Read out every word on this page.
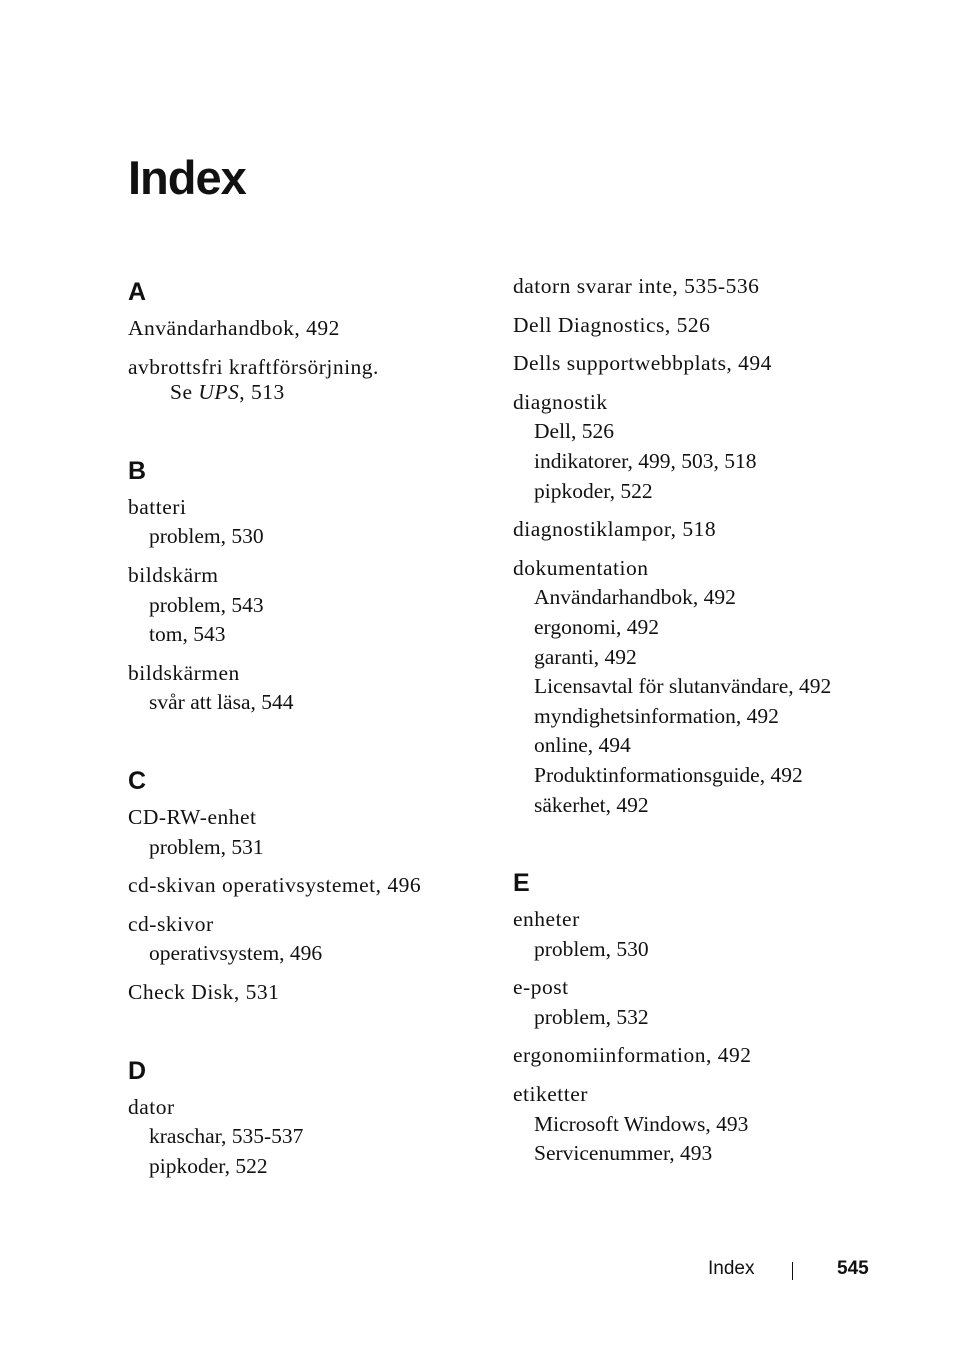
Index
A
Användarhandbok, 492
avbrottsfri kraftförsörjning.
Se UPS, 513
B
batteri
problem, 530
bildskärm
problem, 543
tom, 543
bildskärmen
svår att läsa, 544
C
CD-RW-enhet
problem, 531
cd-skivan operativsystemet, 496
cd-skivor
operativsystem, 496
Check Disk, 531
D
dator
kraschar, 535-537
pipkoder, 522
datorn svarar inte, 535-536
Dell Diagnostics, 526
Dells supportwebbplats, 494
diagnostik
Dell, 526
indikatorer, 499, 503, 518
pipkoder, 522
diagnostiklampor, 518
dokumentation
Användarhandbok, 492
ergonomi, 492
garanti, 492
Licensavtal för slutanvändare, 492
myndighetsinformation, 492
online, 494
Produktinformationsguide, 492
säkerhet, 492
E
enheter
problem, 530
e-post
problem, 532
ergonomiinformation, 492
etiketter
Microsoft Windows, 493
Servicenummer, 493
Index	545
